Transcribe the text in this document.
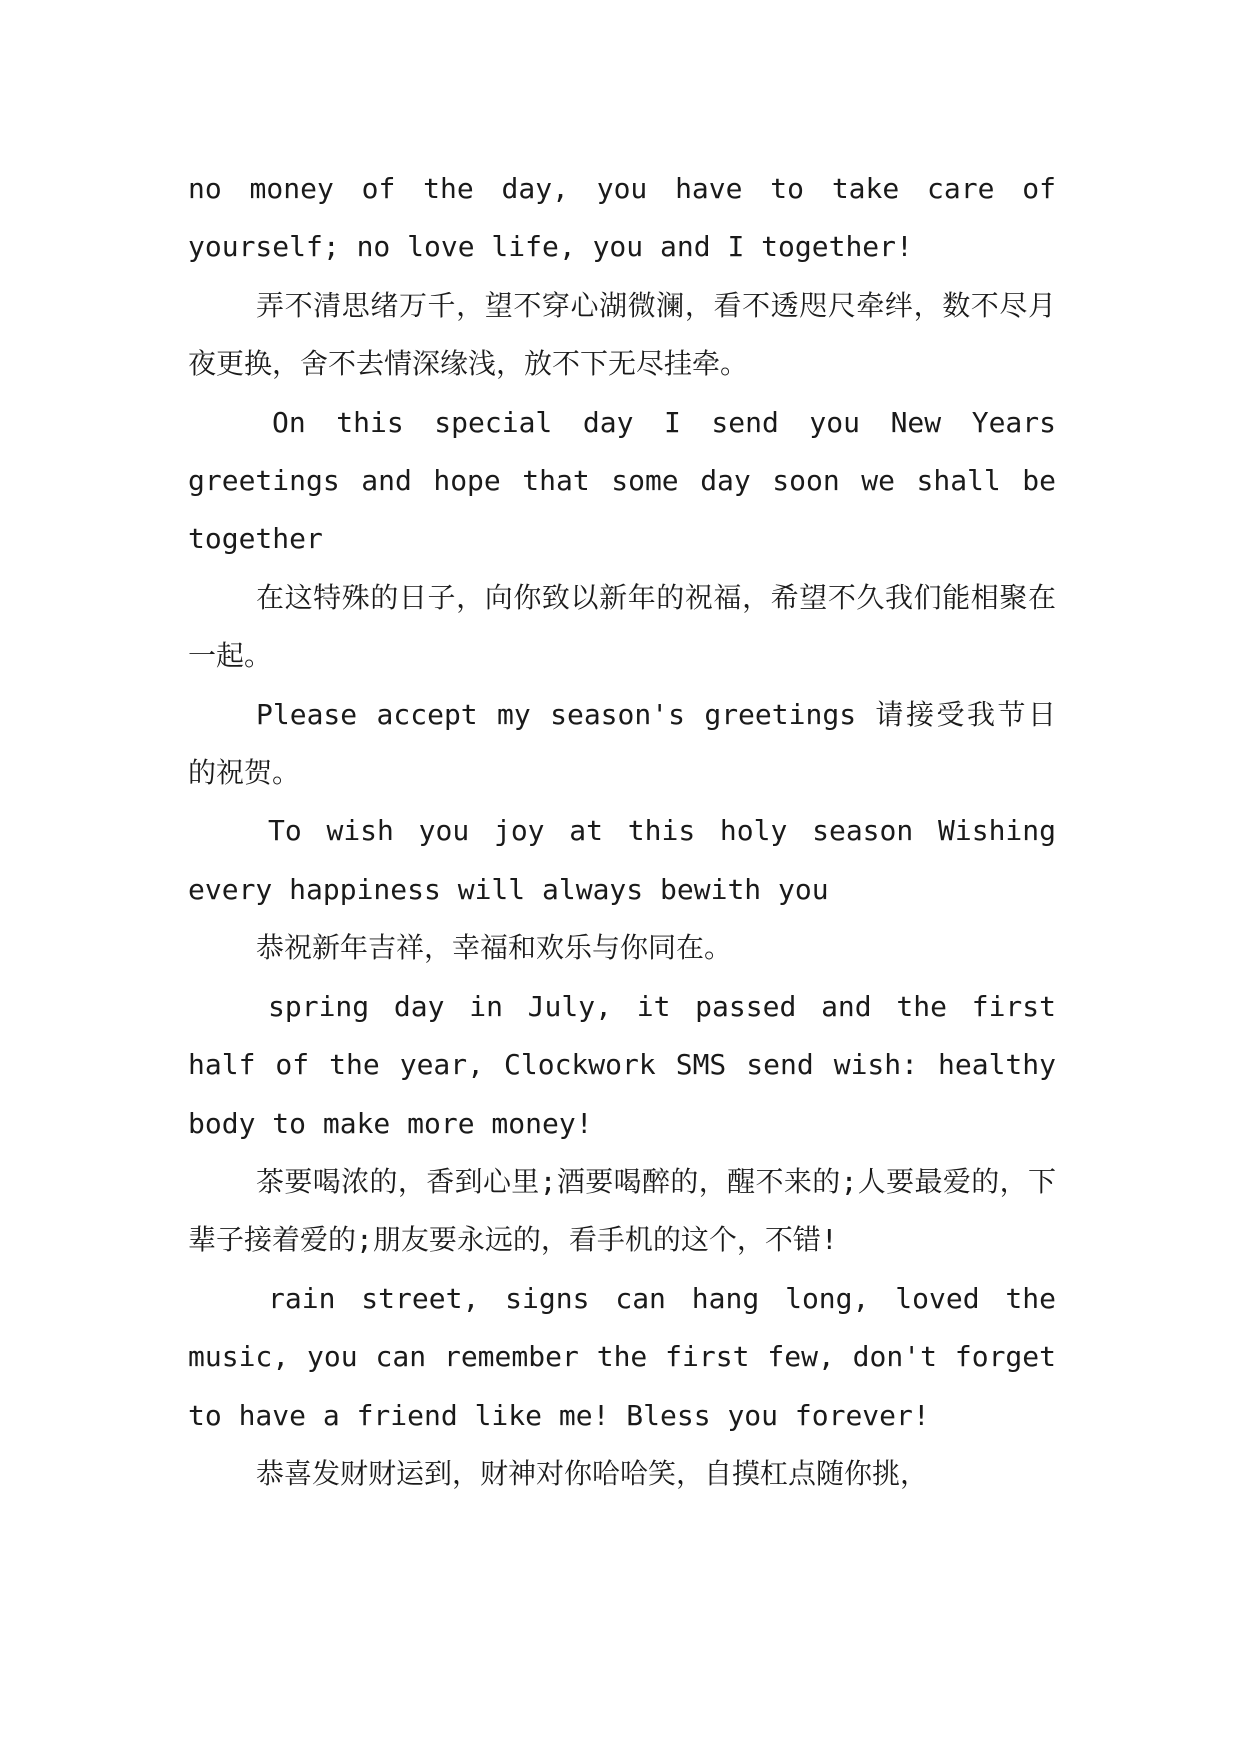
no money of the day, you have to take care of yourself; no love life, you and I together!

弄不清思绪万千，望不穿心湖微澜，看不透咫尺牵绊，数不尽月夜更换，舍不去情深缘浅，放不下无尽挂牵。

On this special day I send you New Years greetings and hope that some day soon we shall be together

在这特殊的日子，向你致以新年的祝福，希望不久我们能相聚在一起。

Please accept my season's greetings 请接受我节日的祝贺。

To wish you joy at this holy season Wishing every happiness will always bewith you

恭祝新年吉祥，幸福和欢乐与你同在。

spring day in July, it passed and the first half of the year, Clockwork SMS send wish: healthy body to make more money!

茶要喝浓的，香到心里;酒要喝醉的，醒不来的;人要最爱的，下辈子接着爱的;朋友要永远的，看手机的这个，不错!

rain street, signs can hang long, loved the music, you can remember the first few, don't forget to have a friend like me! Bless you forever!

恭喜发财财运到，财神对你哈哈笑，自摸杠点随你挑，
